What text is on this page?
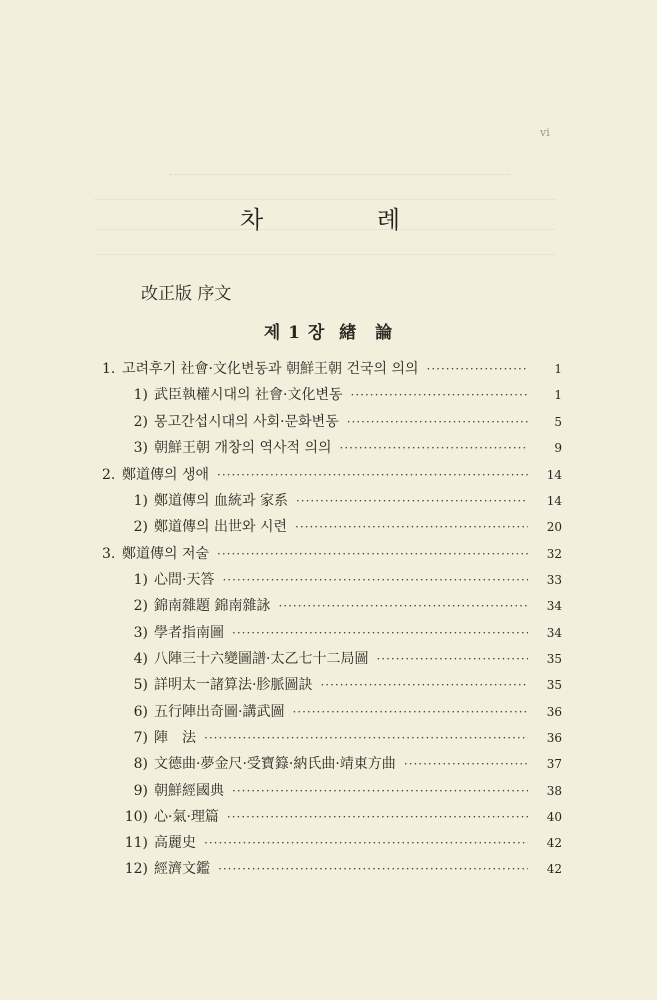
vi
차	례
改正版 序文
제 1 장 緖　論
1. 고려후기 社會·文化변동과 朝鮮王朝 건국의 의의 ·····	1
1) 武臣執權시대의 社會·文化변동 ·····	1
2) 몽고간섭시대의 사회·문화변동 ·····	5
3) 朝鮮王朝 개창의 역사적 의의 ·····	9
2. 鄭道傳의 생애 ·····	14
1) 鄭道傳의 血統과 家系 ·····	14
2) 鄭道傳의 出世와 시련 ·····	20
3. 鄭道傳의 저술 ·····	32
1) 心問·天答 ·····	33
2) 錦南雜題 錦南雜詠 ·····	34
3) 學者指南圖 ·····	34
4) 八陣三十六變圖譜·太乙七十二局圖 ·····	35
5) 詳明太一諸算法·胗脈圖訣 ·····	35
6) 五行陣出奇圖·講武圖 ·····	36
7) 陣　法 ·····	36
8) 文德曲·夢金尺·受寶籙·納氏曲·靖東方曲 ·····	37
9) 朝鮮經國典 ·····	38
10) 心·氣·理篇 ·····	40
11) 高麗史 ·····	42
12) 經濟文鑑 ·····	42
